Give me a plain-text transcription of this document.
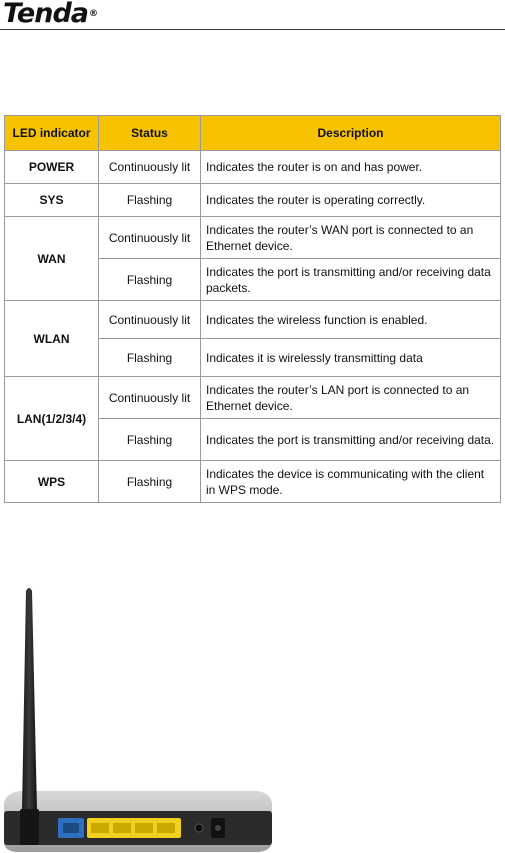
Tenda®
LED indicator	Status	Description
POWER	Continuously lit	Indicates the router is on and has power.
SYS	Flashing	Indicates the router is operating correctly.
WAN	Continuously lit	Indicates the router’s WAN port is connected to an Ethernet device.
	Flashing	Indicates the port is transmitting and/or receiving data packets.
WLAN	Continuously lit	Indicates the wireless function is enabled.
	Flashing	Indicates it is wirelessly transmitting data
LAN(1/2/3/4)	Continuously lit	Indicates the router’s LAN port is connected to an Ethernet device.
	Flashing	Indicates the port is transmitting and/or receiving data.
WPS	Flashing	Indicates the device is communicating with the client in WPS mode.
